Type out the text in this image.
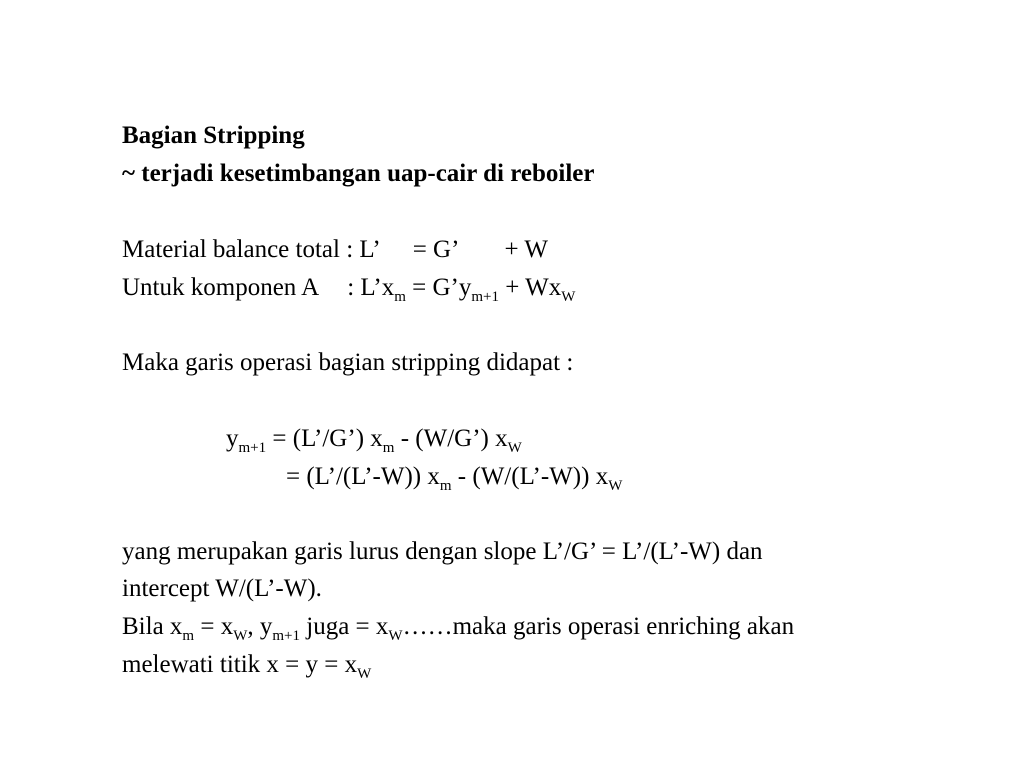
Bagian Stripping
~ terjadi kesetimbangan uap-cair di reboiler
Material balance total : L’ = G’ + W
Untuk komponen A : $L’x_m$ = $G’y_{m+1} + Wx_W$
Maka garis operasi bagian stripping didapat :
$y_{m+1}$ = (L’/G’) $x_m$ - (W/G’) $x_W$
= (L’/(L’-W)) $x_m$ - (W/(L’-W)) $x_W$
yang merupakan garis lurus dengan slope L’/G’ = L’/(L’-W) dan
intercept W/(L’-W).
Bila $x_m = x_W$, $y_{m+1}$ juga = $x_W\dots\dots maka$ garis operasi enriching akan
melewati titik $x = y = x_W$
